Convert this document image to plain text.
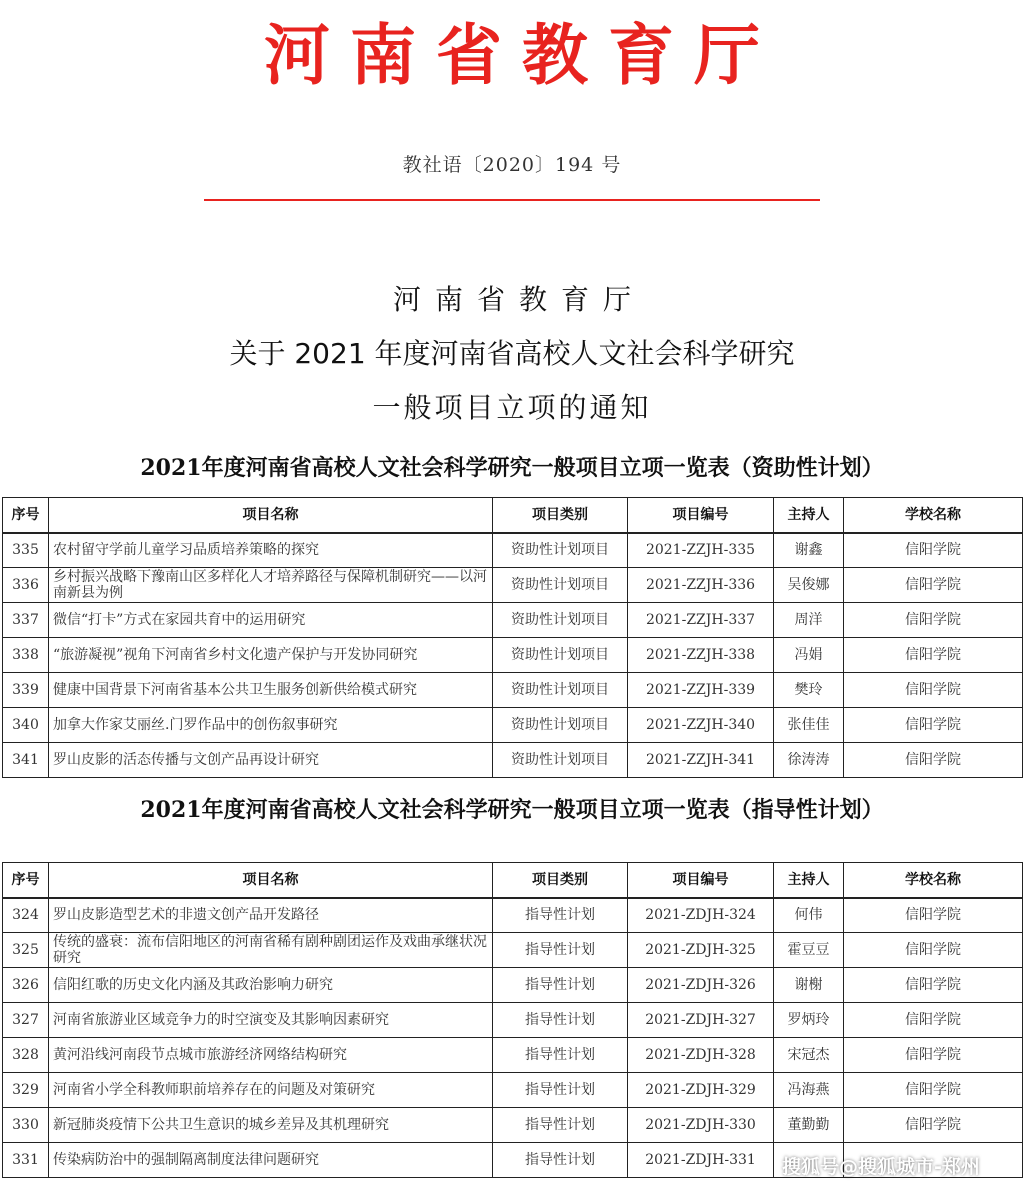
河南省教育厅
教社语〔2020〕194 号
河南省教育厅
关于 2021 年度河南省高校人文社会科学研究
一般项目立项的通知
2021年度河南省高校人文社会科学研究一般项目立项一览表（资助性计划）
序号	项目名称	项目类别	项目编号	主持人	学校名称
335	农村留守学前儿童学习品质培养策略的探究	资助性计划项目	2021-ZZJH-335	谢鑫	信阳学院
336	乡村振兴战略下豫南山区多样化人才培养路径与保障机制研究——以河南新县为例	资助性计划项目	2021-ZZJH-336	吴俊娜	信阳学院
337	微信“打卡”方式在家园共育中的运用研究	资助性计划项目	2021-ZZJH-337	周洋	信阳学院
338	“旅游凝视”视角下河南省乡村文化遗产保护与开发协同研究	资助性计划项目	2021-ZZJH-338	冯娟	信阳学院
339	健康中国背景下河南省基本公共卫生服务创新供给模式研究	资助性计划项目	2021-ZZJH-339	樊玲	信阳学院
340	加拿大作家艾丽丝.门罗作品中的创伤叙事研究	资助性计划项目	2021-ZZJH-340	张佳佳	信阳学院
341	罗山皮影的活态传播与文创产品再设计研究	资助性计划项目	2021-ZZJH-341	徐涛涛	信阳学院
2021年度河南省高校人文社会科学研究一般项目立项一览表（指导性计划）
序号	项目名称	项目类别	项目编号	主持人	学校名称
324	罗山皮影造型艺术的非遗文创产品开发路径	指导性计划	2021-ZDJH-324	何伟	信阳学院
325	传统的盛衰：流布信阳地区的河南省稀有剧种剧团运作及戏曲承继状况研究	指导性计划	2021-ZDJH-325	霍豆豆	信阳学院
326	信阳红歌的历史文化内涵及其政治影响力研究	指导性计划	2021-ZDJH-326	谢榭	信阳学院
327	河南省旅游业区域竞争力的时空演变及其影响因素研究	指导性计划	2021-ZDJH-327	罗炳玲	信阳学院
328	黄河沿线河南段节点城市旅游经济网络结构研究	指导性计划	2021-ZDJH-328	宋冠杰	信阳学院
329	河南省小学全科教师职前培养存在的问题及对策研究	指导性计划	2021-ZDJH-329	冯海燕	信阳学院
330	新冠肺炎疫情下公共卫生意识的城乡差异及其机理研究	指导性计划	2021-ZDJH-330	董勤勤	信阳学院
331	传染病防治中的强制隔离制度法律问题研究	指导性计划	2021-ZDJH-331		搜狐号@搜狐城市-郑州
